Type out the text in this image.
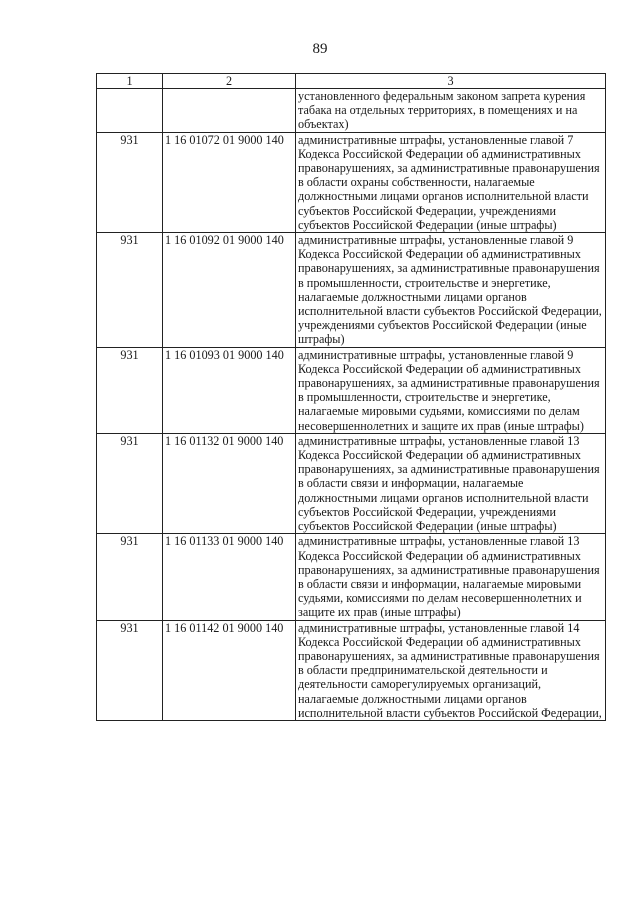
89
1	2	3
		установленного федеральным законом запрета курения табака на отдельных территориях, в помещениях и на объектах)
931	1 16 01072 01 9000 140	административные штрафы, установленные главой 7 Кодекса Российской Федерации об административных правонарушениях, за административные правонарушения в области охраны собственности, налагаемые должностными лицами органов исполнительной власти субъектов Российской Федерации, учреждениями субъектов Российской Федерации (иные штрафы)
931	1 16 01092 01 9000 140	административные штрафы, установленные главой 9 Кодекса Российской Федерации об административных правонарушениях, за административные правонарушения в промышленности, строительстве и энергетике, налагаемые должностными лицами органов исполнительной власти субъектов Российской Федерации, учреждениями субъектов Российской Федерации (иные штрафы)
931	1 16 01093 01 9000 140	административные штрафы, установленные главой 9 Кодекса Российской Федерации об административных правонарушениях, за административные правонарушения в промышленности, строительстве и энергетике, налагаемые мировыми судьями, комиссиями по делам несовершеннолетних и защите их прав (иные штрафы)
931	1 16 01132 01 9000 140	административные штрафы, установленные главой 13 Кодекса Российской Федерации об административных правонарушениях, за административные правонарушения в области связи и информации, налагаемые должностными лицами органов исполнительной власти субъектов Российской Федерации, учреждениями субъектов Российской Федерации (иные штрафы)
931	1 16 01133 01 9000 140	административные штрафы, установленные главой 13 Кодекса Российской Федерации об административных правонарушениях, за административные правонарушения в области связи и информации, налагаемые мировыми судьями, комиссиями по делам несовершеннолетних и защите их прав (иные штрафы)
931	1 16 01142 01 9000 140	административные штрафы, установленные главой 14 Кодекса Российской Федерации об административных правонарушениях, за административные правонарушения в области предпринимательской деятельности и деятельности саморегулируемых организаций, налагаемые должностными лицами органов исполнительной власти субъектов Российской Федерации,
